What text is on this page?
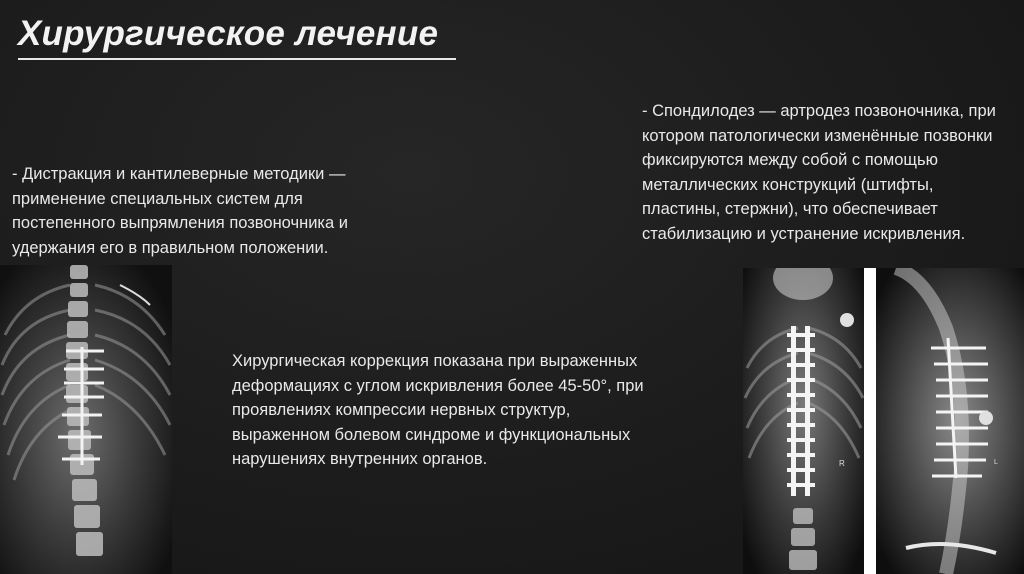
Хирургическое лечение
- Дистракция и кантилеверные методики —
применение специальных систем для
постепенного выпрямления позвоночника и
удержания его в правильном положении.
- Спондилодез — артродез позвоночника, при
котором патологически изменённые позвонки
фиксируются между собой с помощью
металлических конструкций (штифты,
пластины, стержни), что обеспечивает
стабилизацию и устранение искривления.
Хирургическая коррекция показана при выраженных
деформациях с углом искривления более 45-50°, при
проявлениях компрессии нервных структур,
выраженном болевом синдроме и функциональных
нарушениях внутренних органов.	R	L
